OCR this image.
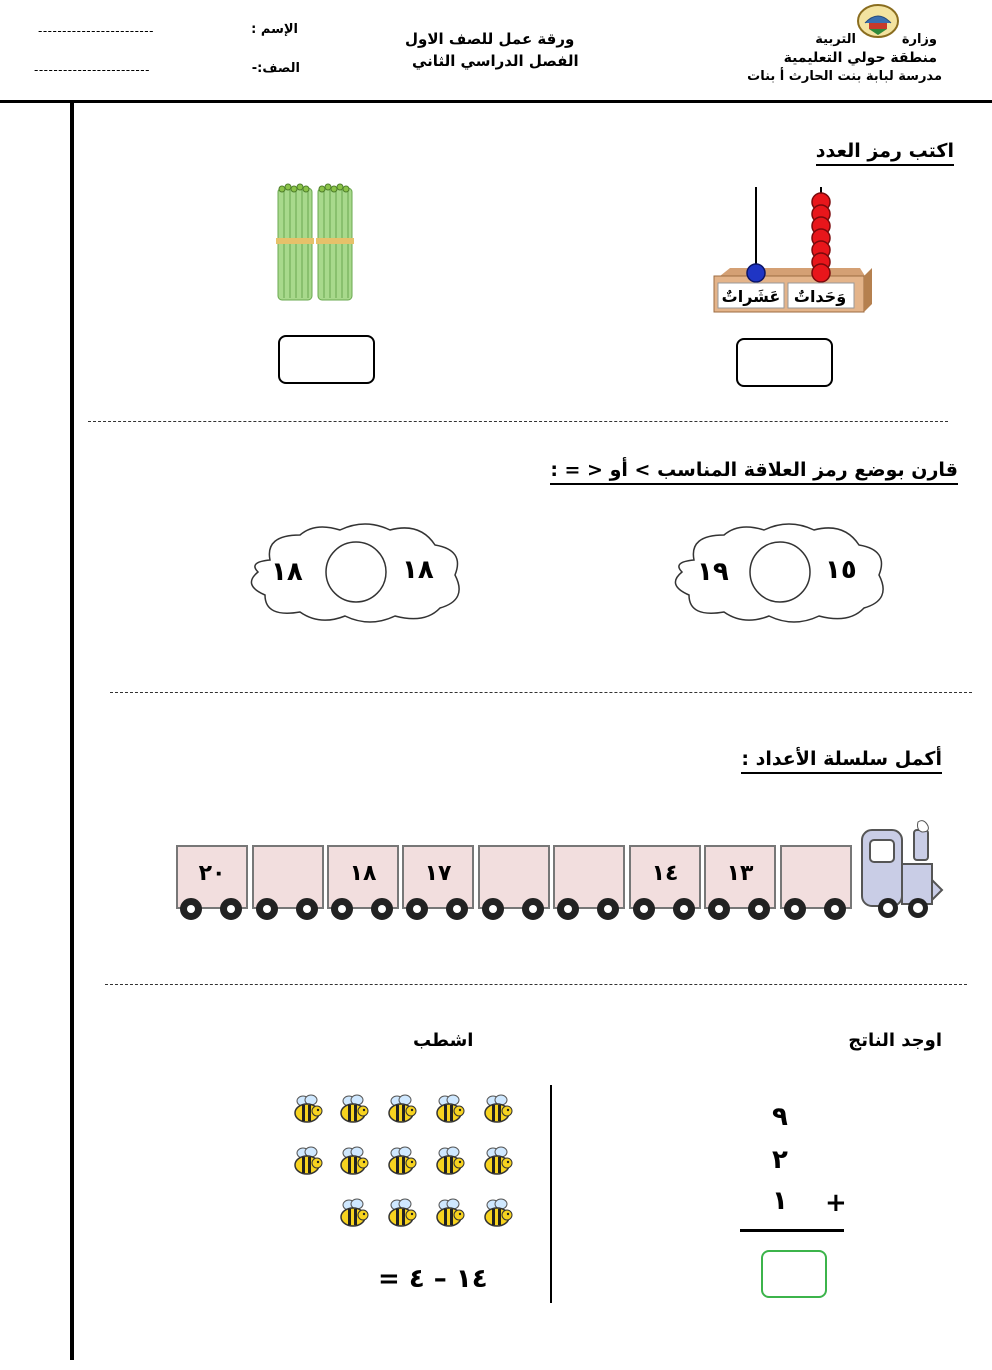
وزارة
التربية
منطقة حولي التعليمية
مدرسة لبابة بنت الحارث أ بنات
ورقة عمل للصف الاول
الفصل الدراسي الثاني
------------------------	الإسم :
------------------------	الصف:-
اكتب رمز العدد
عَشَراتٌ وَحَداتٌ
قارن بوضع رمز العلاقة المناسب > أو < = :
١٥
١٩
١٨
١٨
أكمل سلسلة الأعداد :
٢٠	١٨	١٧	١٤	١٣
اوجد الناتج
اشطب
٩
٢
١ +
١٤ – ٤ =
